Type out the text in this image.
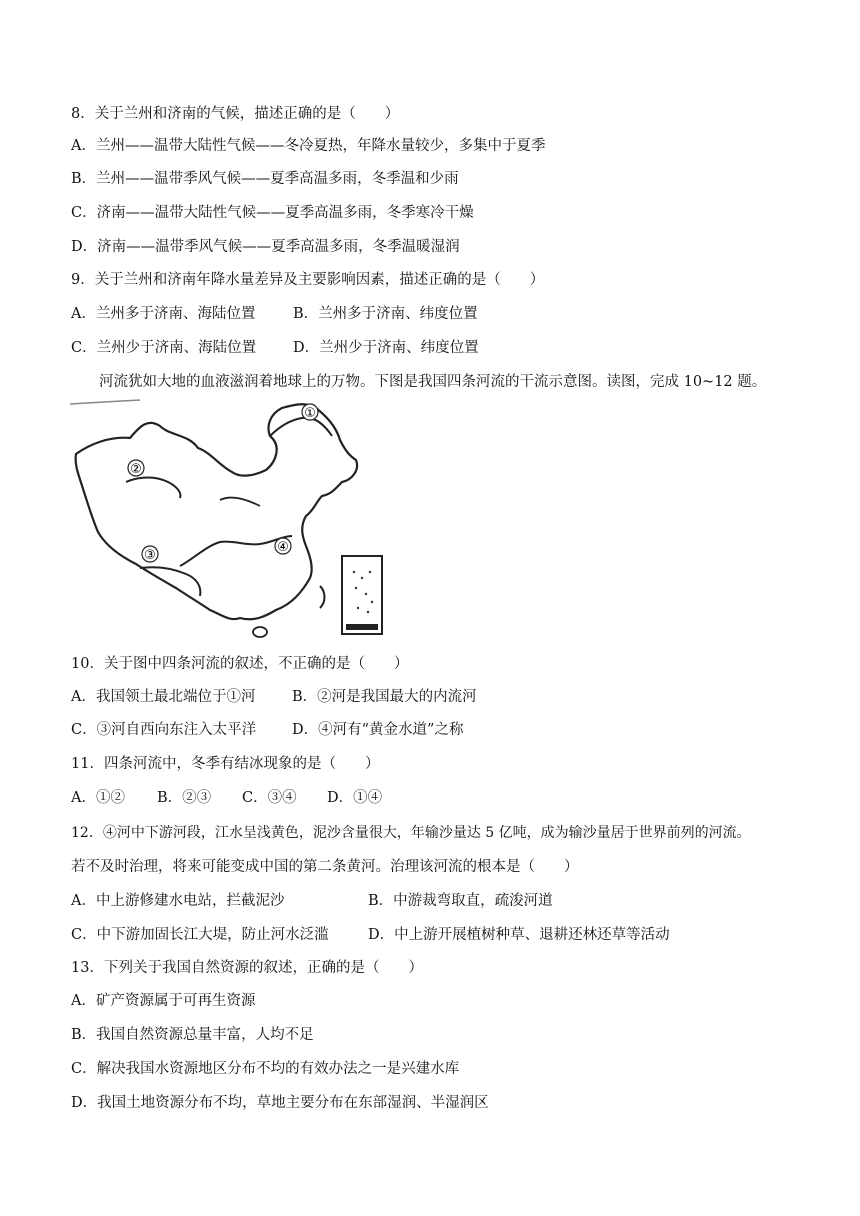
8．关于兰州和济南的气候，描述正确的是（　　）
A．兰州——温带大陆性气候——冬冷夏热，年降水量较少，多集中于夏季
B．兰州——温带季风气候——夏季高温多雨，冬季温和少雨
C．济南——温带大陆性气候——夏季高温多雨，冬季寒冷干燥
D．济南——温带季风气候——夏季高温多雨，冬季温暖湿润
9．关于兰州和济南年降水量差异及主要影响因素，描述正确的是（　　）
A．兰州多于济南、海陆位置	B．兰州多于济南、纬度位置
C．兰州少于济南、海陆位置	D．兰州少于济南、纬度位置
河流犹如大地的血液滋润着地球上的万物。下图是我国四条河流的干流示意图。读图，完成 10~12 题。
①
②
③
④
10．关于图中四条河流的叙述，不正确的是（　　）
A．我国领土最北端位于①河	B．②河是我国最大的内流河
C．③河自西向东注入太平洋 D．④河有“黄金水道”之称
11．四条河流中，冬季有结冰现象的是（　　）
A．①② B．②③ C．③④ D．①④
12．④河中下游河段，江水呈浅黄色，泥沙含量很大，年输沙量达 5 亿吨，成为输沙量居于世界前列的河流。
若不及时治理，将来可能变成中国的第二条黄河。治理该河流的根本是（　　）
A．中上游修建水电站，拦截泥沙	B．中游裁弯取直，疏浚河道
C．中下游加固长江大堤，防止河水泛滥	D．中上游开展植树种草、退耕还林还草等活动
13．下列关于我国自然资源的叙述，正确的是（　　）
A．矿产资源属于可再生资源
B．我国自然资源总量丰富，人均不足
C．解决我国水资源地区分布不均的有效办法之一是兴建水库
D．我国土地资源分布不均，草地主要分布在东部湿润、半湿润区
